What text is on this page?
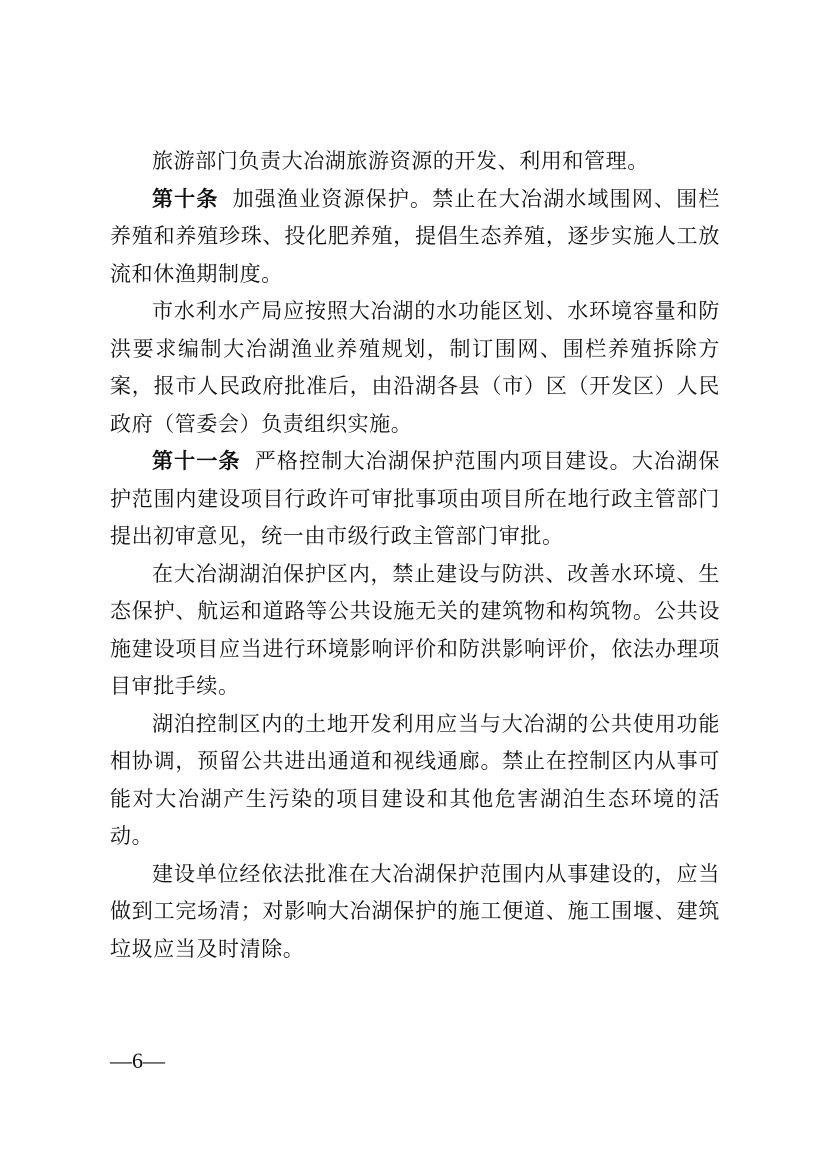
旅游部门负责大冶湖旅游资源的开发、利用和管理。

第十条 加强渔业资源保护。禁止在大冶湖水域围网、围栏养殖和养殖珍珠、投化肥养殖，提倡生态养殖，逐步实施人工放流和休渔期制度。

市水利水产局应按照大冶湖的水功能区划、水环境容量和防洪要求编制大冶湖渔业养殖规划，制订围网、围栏养殖拆除方案，报市人民政府批准后，由沿湖各县（市）区（开发区）人民政府（管委会）负责组织实施。

第十一条 严格控制大冶湖保护范围内项目建设。大冶湖保护范围内建设项目行政许可审批事项由项目所在地行政主管部门提出初审意见，统一由市级行政主管部门审批。

在大冶湖湖泊保护区内，禁止建设与防洪、改善水环境、生态保护、航运和道路等公共设施无关的建筑物和构筑物。公共设施建设项目应当进行环境影响评价和防洪影响评价，依法办理项目审批手续。

湖泊控制区内的土地开发利用应当与大冶湖的公共使用功能相协调，预留公共进出通道和视线通廊。禁止在控制区内从事可能对大冶湖产生污染的项目建设和其他危害湖泊生态环境的活动。

建设单位经依法批准在大冶湖保护范围内从事建设的，应当做到工完场清；对影响大冶湖保护的施工便道、施工围堰、建筑垃圾应当及时清除。

—6—
